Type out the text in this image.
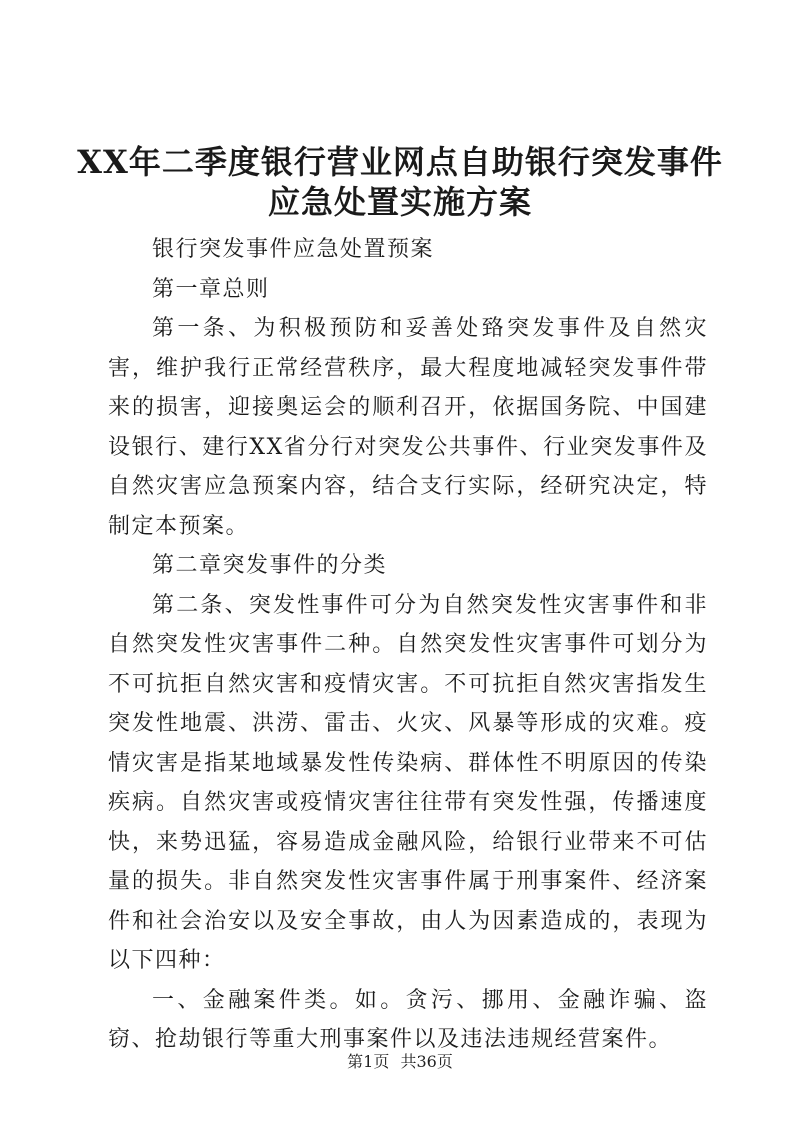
XX年二季度银行营业网点自助银行突发事件
应急处置实施方案

银行突发事件应急处置预案

第一章总则

第一条、为积极预防和妥善处臵突发事件及自然灾害，维护我行正常经营秩序，最大程度地减轻突发事件带来的损害，迎接奥运会的顺利召开，依据国务院、中国建设银行、建行XX省分行对突发公共事件、行业突发事件及自然灾害应急预案内容，结合支行实际，经研究决定，特制定本预案。

第二章突发事件的分类

第二条、突发性事件可分为自然突发性灾害事件和非自然突发性灾害事件二种。自然突发性灾害事件可划分为不可抗拒自然灾害和疫情灾害。不可抗拒自然灾害指发生突发性地震、洪涝、雷击、火灾、风暴等形成的灾难。疫情灾害是指某地域暴发性传染病、群体性不明原因的传染疾病。自然灾害或疫情灾害往往带有突发性强，传播速度快，来势迅猛，容易造成金融风险，给银行业带来不可估量的损失。非自然突发性灾害事件属于刑事案件、经济案件和社会治安以及安全事故，由人为因素造成的，表现为以下四种：

一、金融案件类。如。贪污、挪用、金融诈骗、盗窃、抢劫银行等重大刑事案件以及违法违规经营案件。

第1页 共36页
